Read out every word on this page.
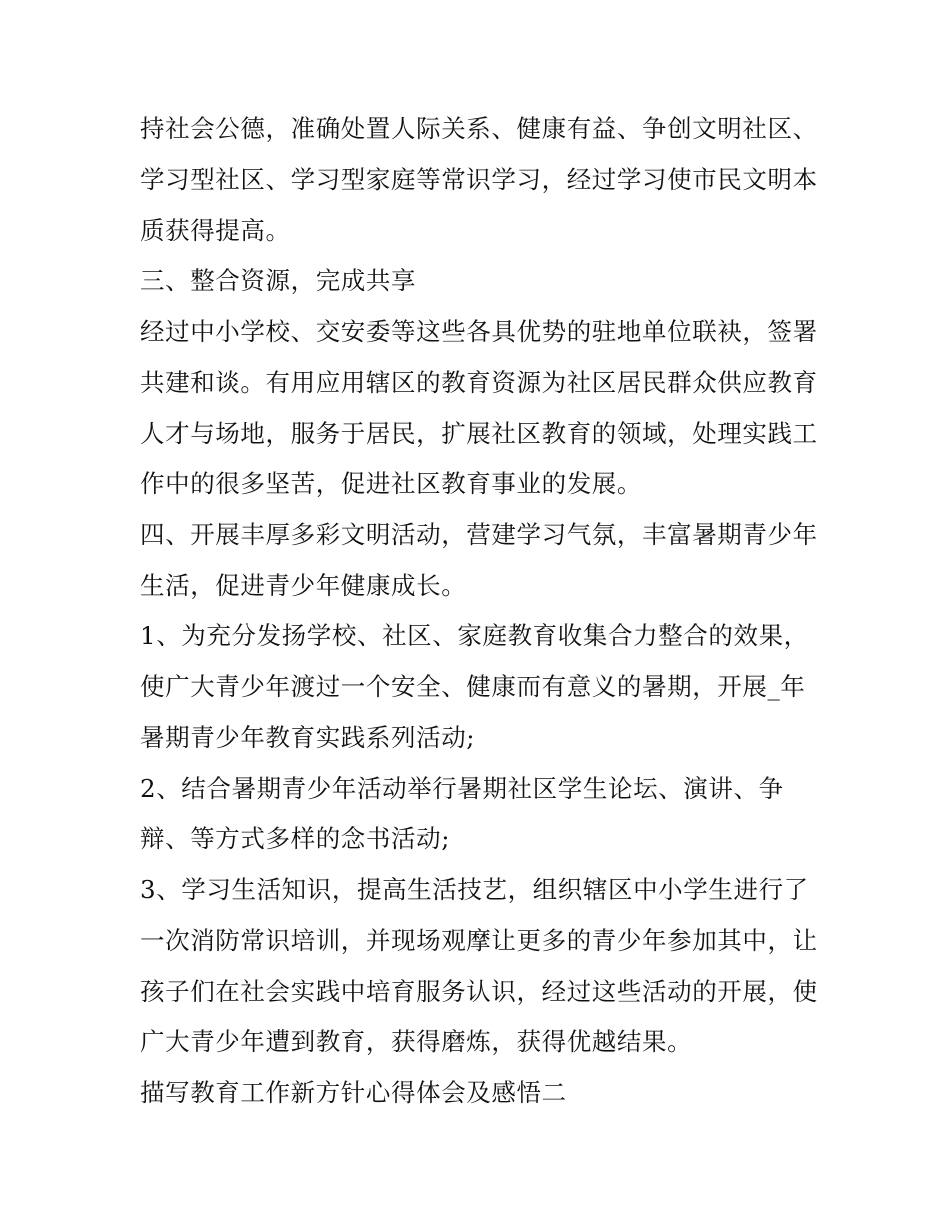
持社会公德，准确处置人际关系、健康有益、争创文明社区、
学习型社区、学习型家庭等常识学习，经过学习使市民文明本
质获得提高。
三、整合资源，完成共享
经过中小学校、交安委等这些各具优势的驻地单位联袂，签署
共建和谈。有用应用辖区的教育资源为社区居民群众供应教育
人才与场地，服务于居民，扩展社区教育的领域，处理实践工
作中的很多坚苦，促进社区教育事业的发展。
四、开展丰厚多彩文明活动，营建学习气氛，丰富暑期青少年
生活，促进青少年健康成长。
1、为充分发扬学校、社区、家庭教育收集合力整合的效果，
使广大青少年渡过一个安全、健康而有意义的暑期，开展_年
暑期青少年教育实践系列活动;
2、结合暑期青少年活动举行暑期社区学生论坛、演讲、争
辩、等方式多样的念书活动;
3、学习生活知识，提高生活技艺，组织辖区中小学生进行了
一次消防常识培训，并现场观摩让更多的青少年参加其中，让
孩子们在社会实践中培育服务认识，经过这些活动的开展，使
广大青少年遭到教育，获得磨炼，获得优越结果。
描写教育工作新方针心得体会及感悟二
